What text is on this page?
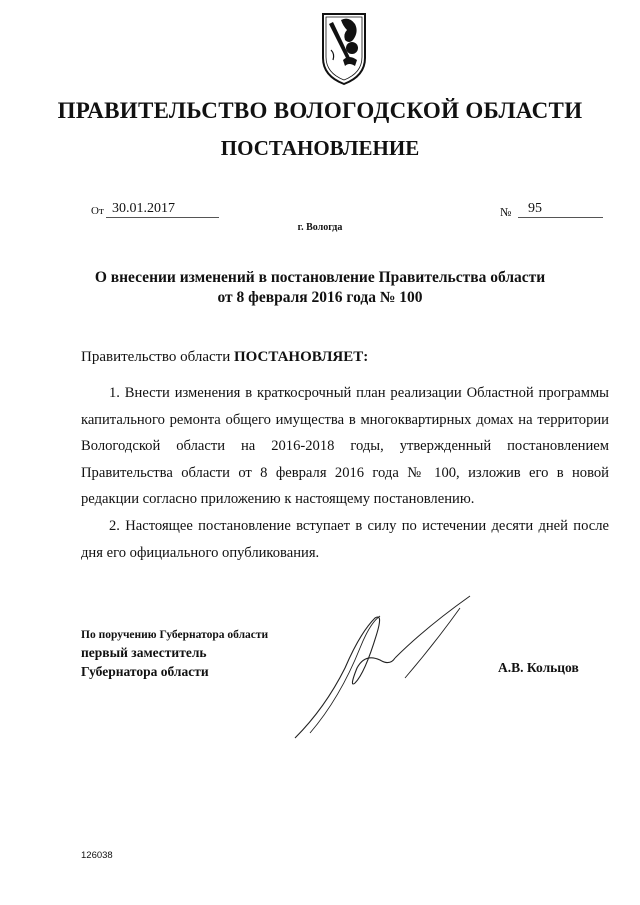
ПРАВИТЕЛЬСТВО ВОЛОГОДСКОЙ ОБЛАСТИ
ПОСТАНОВЛЕНИЕ
От 30.01.2017
г. Вологда
№	95
О внесении изменений в постановление Правительства области
от 8 февраля 2016 года № 100
Правительство области ПОСТАНОВЛЯЕТ:
1. Внести изменения в краткосрочный план реализации Областной программы капитального ремонта общего имущества в многоквартирных домах на территории Вологодской области на 2016-2018 годы, утвержденный постановлением Правительства области от 8 февраля 2016 года № 100, изложив его в новой редакции согласно приложению к настоящему постановлению.
2. Настоящее постановление вступает в силу по истечении десяти дней после дня его официального опубликования.
По поручению Губернатора области
первый заместитель
Губернатора области	А.В. Кольцов
126038
